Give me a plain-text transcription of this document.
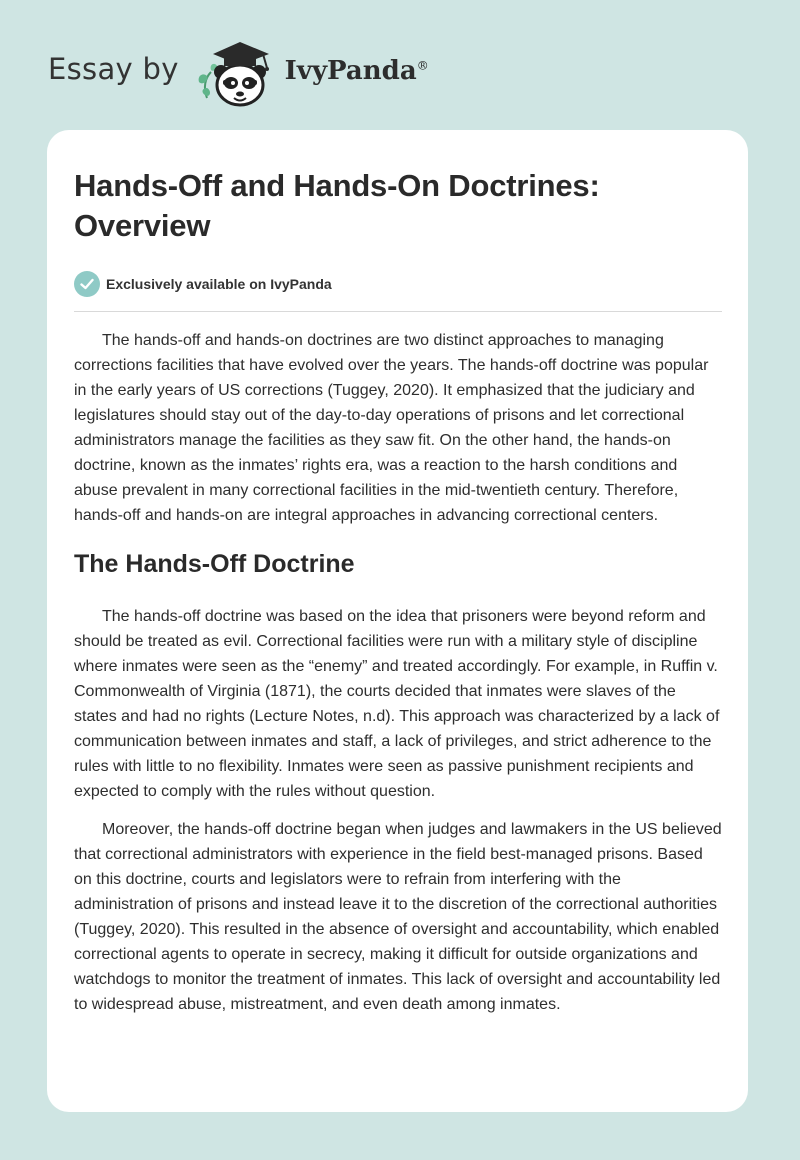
Essay by	IvyPanda®
Hands-Off and Hands-On Doctrines: Overview
Exclusively available on IvyPanda

The hands-off and hands-on doctrines are two distinct approaches to managing corrections facilities that have evolved over the years. The hands-off doctrine was popular in the early years of US corrections (Tuggey, 2020). It emphasized that the judiciary and legislatures should stay out of the day-to-day operations of prisons and let correctional administrators manage the facilities as they saw fit. On the other hand, the hands-on doctrine, known as the inmates’ rights era, was a reaction to the harsh conditions and abuse prevalent in many correctional facilities in the mid-twentieth century. Therefore, hands-off and hands-on are integral approaches in advancing correctional centers.

The Hands-Off Doctrine

The hands-off doctrine was based on the idea that prisoners were beyond reform and should be treated as evil. Correctional facilities were run with a military style of discipline where inmates were seen as the “enemy” and treated accordingly. For example, in Ruffin v. Commonwealth of Virginia (1871), the courts decided that inmates were slaves of the states and had no rights (Lecture Notes, n.d). This approach was characterized by a lack of communication between inmates and staff, a lack of privileges, and strict adherence to the rules with little to no flexibility. Inmates were seen as passive punishment recipients and expected to comply with the rules without question.

Moreover, the hands-off doctrine began when judges and lawmakers in the US believed that correctional administrators with experience in the field best-managed prisons. Based on this doctrine, courts and legislators were to refrain from interfering with the administration of prisons and instead leave it to the discretion of the correctional authorities (Tuggey, 2020). This resulted in the absence of oversight and accountability, which enabled correctional agents to operate in secrecy, making it difficult for outside organizations and watchdogs to monitor the treatment of inmates. This lack of oversight and accountability led to widespread abuse, mistreatment, and even death among inmates.
